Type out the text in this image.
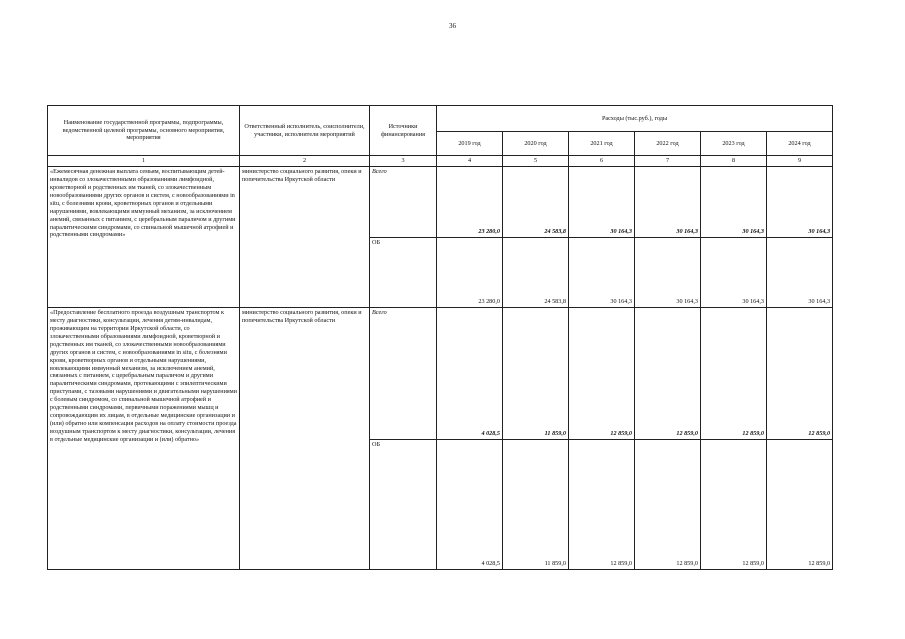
36
Наименование государственной программы, подпрограммы, ведомственной целевой программы, основного мероприятия, мероприятия	Ответственный исполнитель, соисполнители, участники, исполнители мероприятий	Источники финансирования	Расходы (тыс.руб.), годы					
			2019 год	2020 год	2021 год	2022 год	2023 год	2024 год
1	2	3	4	5	6	7	8	9
«Ежемесячная денежная выплата семьям, воспитывающим детей-инвалидов со злокачественными образованиями лимфоидной, кроветворной и родственных им тканей, со злокачественным новообразованиями других органов и систем, с новообразованиями in situ, с болезнями крови, кроветворных органов и отдельными нарушениями, вовлекающими иммунный механизм, за исключением анемий, связанных с питанием, с церебральным параличом и другими паралитическими синдромами, со спинальной мышечной атрофией и родственными синдромами»	министерство социального развития, опеки и попечительства Иркутской области	Всего	23 280,0	24 583,8	30 164,3	30 164,3	30 164,3	30 164,3
		ОБ	23 280,0	24 583,8	30 164,3	30 164,3	30 164,3	30 164,3
«Предоставление бесплатного проезда воздушным транспортом к месту диагностики, консультации, лечения детям-инвалидам, проживающим на территории Иркутской области, со злокачественными образованиями лимфоидной, кроветворной и родственных им тканей, со злокачественными новообразованиями других органов и систем, с новообразованиями in situ, с болезнями крови, кроветворных органов и отдельными нарушениями, вовлекающими иммунный механизм, за исключением анемий, связанных с питанием, с церебральным параличом и другими паралитическими синдромами, протекающими с эпилептическими приступами, с тазовыми нарушениями и двигательными нарушениями с болевым синдромом, со спинальной мышечной атрофией и родственными синдромами, первичными поражениями мышц и сопровождающим их лицам, в отдельные медицинские организации и (или) обратно или компенсация расходов на оплату стоимости проезда воздушным транспортом к месту диагностики, консультации, лечения в отдельные медицинские организации и (или) обратно»	министерство социального развития, опеки и попечительства Иркутской области	Всего	4 028,5	11 859,0	12 859,0	12 859,0	12 859,0	12 859,0
		ОБ	4 028,5	11 859,0	12 859,0	12 859,0	12 859,0	12 859,0
